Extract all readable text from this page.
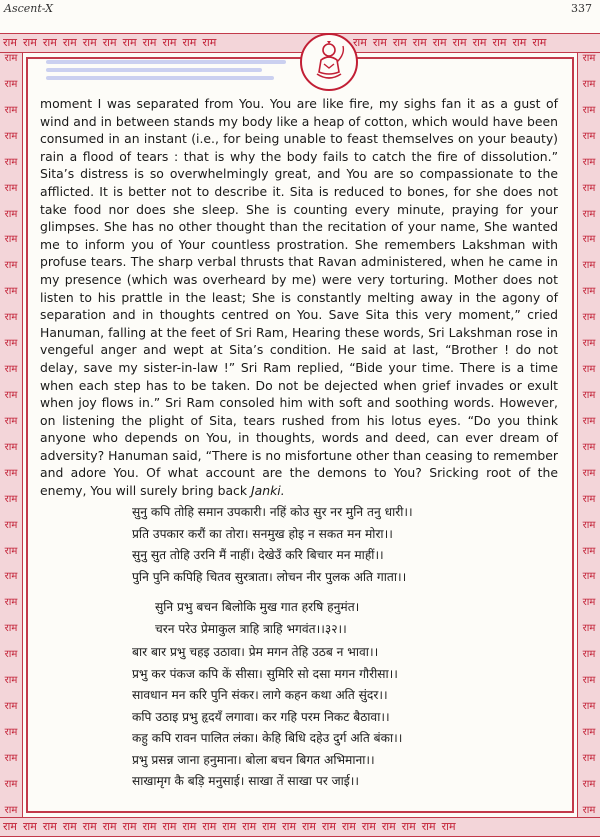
Ascent-X	337
राम राम राम राम राम राम राम राम राम राम राम	राम राम राम राम राम राम राम राम राम राम
राम
राम
राम
राम
राम
राम
राम
राम
राम
राम
राम
राम
राम
राम
राम
राम
राम
राम
राम
राम
राम
राम
राम
राम
राम
राम
राम
राम
राम
राम
राम
राम
राम
राम
राम
राम
राम
राम
राम
राम
राम
राम
राम
राम
राम
राम
राम
राम
राम
राम
राम
राम
राम
राम
राम
राम
राम
राम
राम
राम
राम राम राम राम राम राम राम राम राम राम राम राम राम राम राम राम राम राम राम राम राम राम राम

moment I was separated from You. You are like fire, my sighs fan it as a gust of wind and in between stands my body like a heap of cotton, which would have been consumed in an instant (i.e., for being unable to feast themselves on your beauty) rain a flood of tears : that is why the body fails to catch the fire of dissolution.” Sita’s distress is so overwhelmingly great, and You are so compassionate to the afflicted. It is better not to describe it. Sita is reduced to bones, for she does not take food nor does she sleep. She is counting every minute, praying for your glimpses. She has no other thought than the recitation of your name, She wanted me to inform you of Your countless prostration. She remembers Lakshman with profuse tears. The sharp verbal thrusts that Ravan administered, when he came in my presence (which was overheard by me) were very torturing. Mother does not listen to his prattle in the least; She is constantly melting away in the agony of separation and in thoughts centred on You. Save Sita this very moment,” cried Hanuman, falling at the feet of Sri Ram, Hearing these words, Sri Lakshman rose in vengeful anger and wept at Sita’s condition. He said at last, “Brother ! do not delay, save my sister-in-law !” Sri Ram replied, “Bide your time. There is a time when each step has to be taken. Do not be dejected when grief invades or exult when joy flows in.” Sri Ram consoled him with soft and soothing words. However, on listening the plight of Sita, tears rushed from his lotus eyes. “Do you think anyone who depends on You, in thoughts, words and deed, can ever dream of adversity? Hanuman said, “There is no misfortune other than ceasing to remember and adore You. Of what account are the demons to You? Sricking root of the enemy, You will surely bring back Janki.

सुनु कपि तोहि समान उपकारी। नहिं कोउ सुर नर मुनि तनु धारी।।
प्रति उपकार करौं का तोरा। सनमुख होइ न सकत मन मोरा।।
सुनु सुत तोहि उरनि मैं नाहीं। देखेउँ करि बिचार मन माहीं।।
पुनि पुनि कपिहि चितव सुरत्राता। लोचन नीर पुलक अति गाता।।
सुनि प्रभु बचन बिलोकि मुख गात हरषि हनुमंत।
चरन परेउ प्रेमाकुल त्राहि त्राहि भगवंत।।३२।।
बार बार प्रभु चहइ उठावा। प्रेम मगन तेहि उठब न भावा।।
प्रभु कर पंकज कपि कें सीसा। सुमिरि सो दसा मगन गौरीसा।।
सावधान मन करि पुनि संकर। लागे कहन कथा अति सुंदर।।
कपि उठाइ प्रभु हृदयँ लगावा। कर गहि परम निकट बैठावा।।
कहु कपि रावन पालित लंका। केहि बिधि दहेउ दुर्ग अति बंका।।
प्रभु प्रसन्न जाना हनुमाना। बोला बचन बिगत अभिमाना।।
साखामृग कै बड़ि मनुसाई। साखा तें साखा पर जाई।।
